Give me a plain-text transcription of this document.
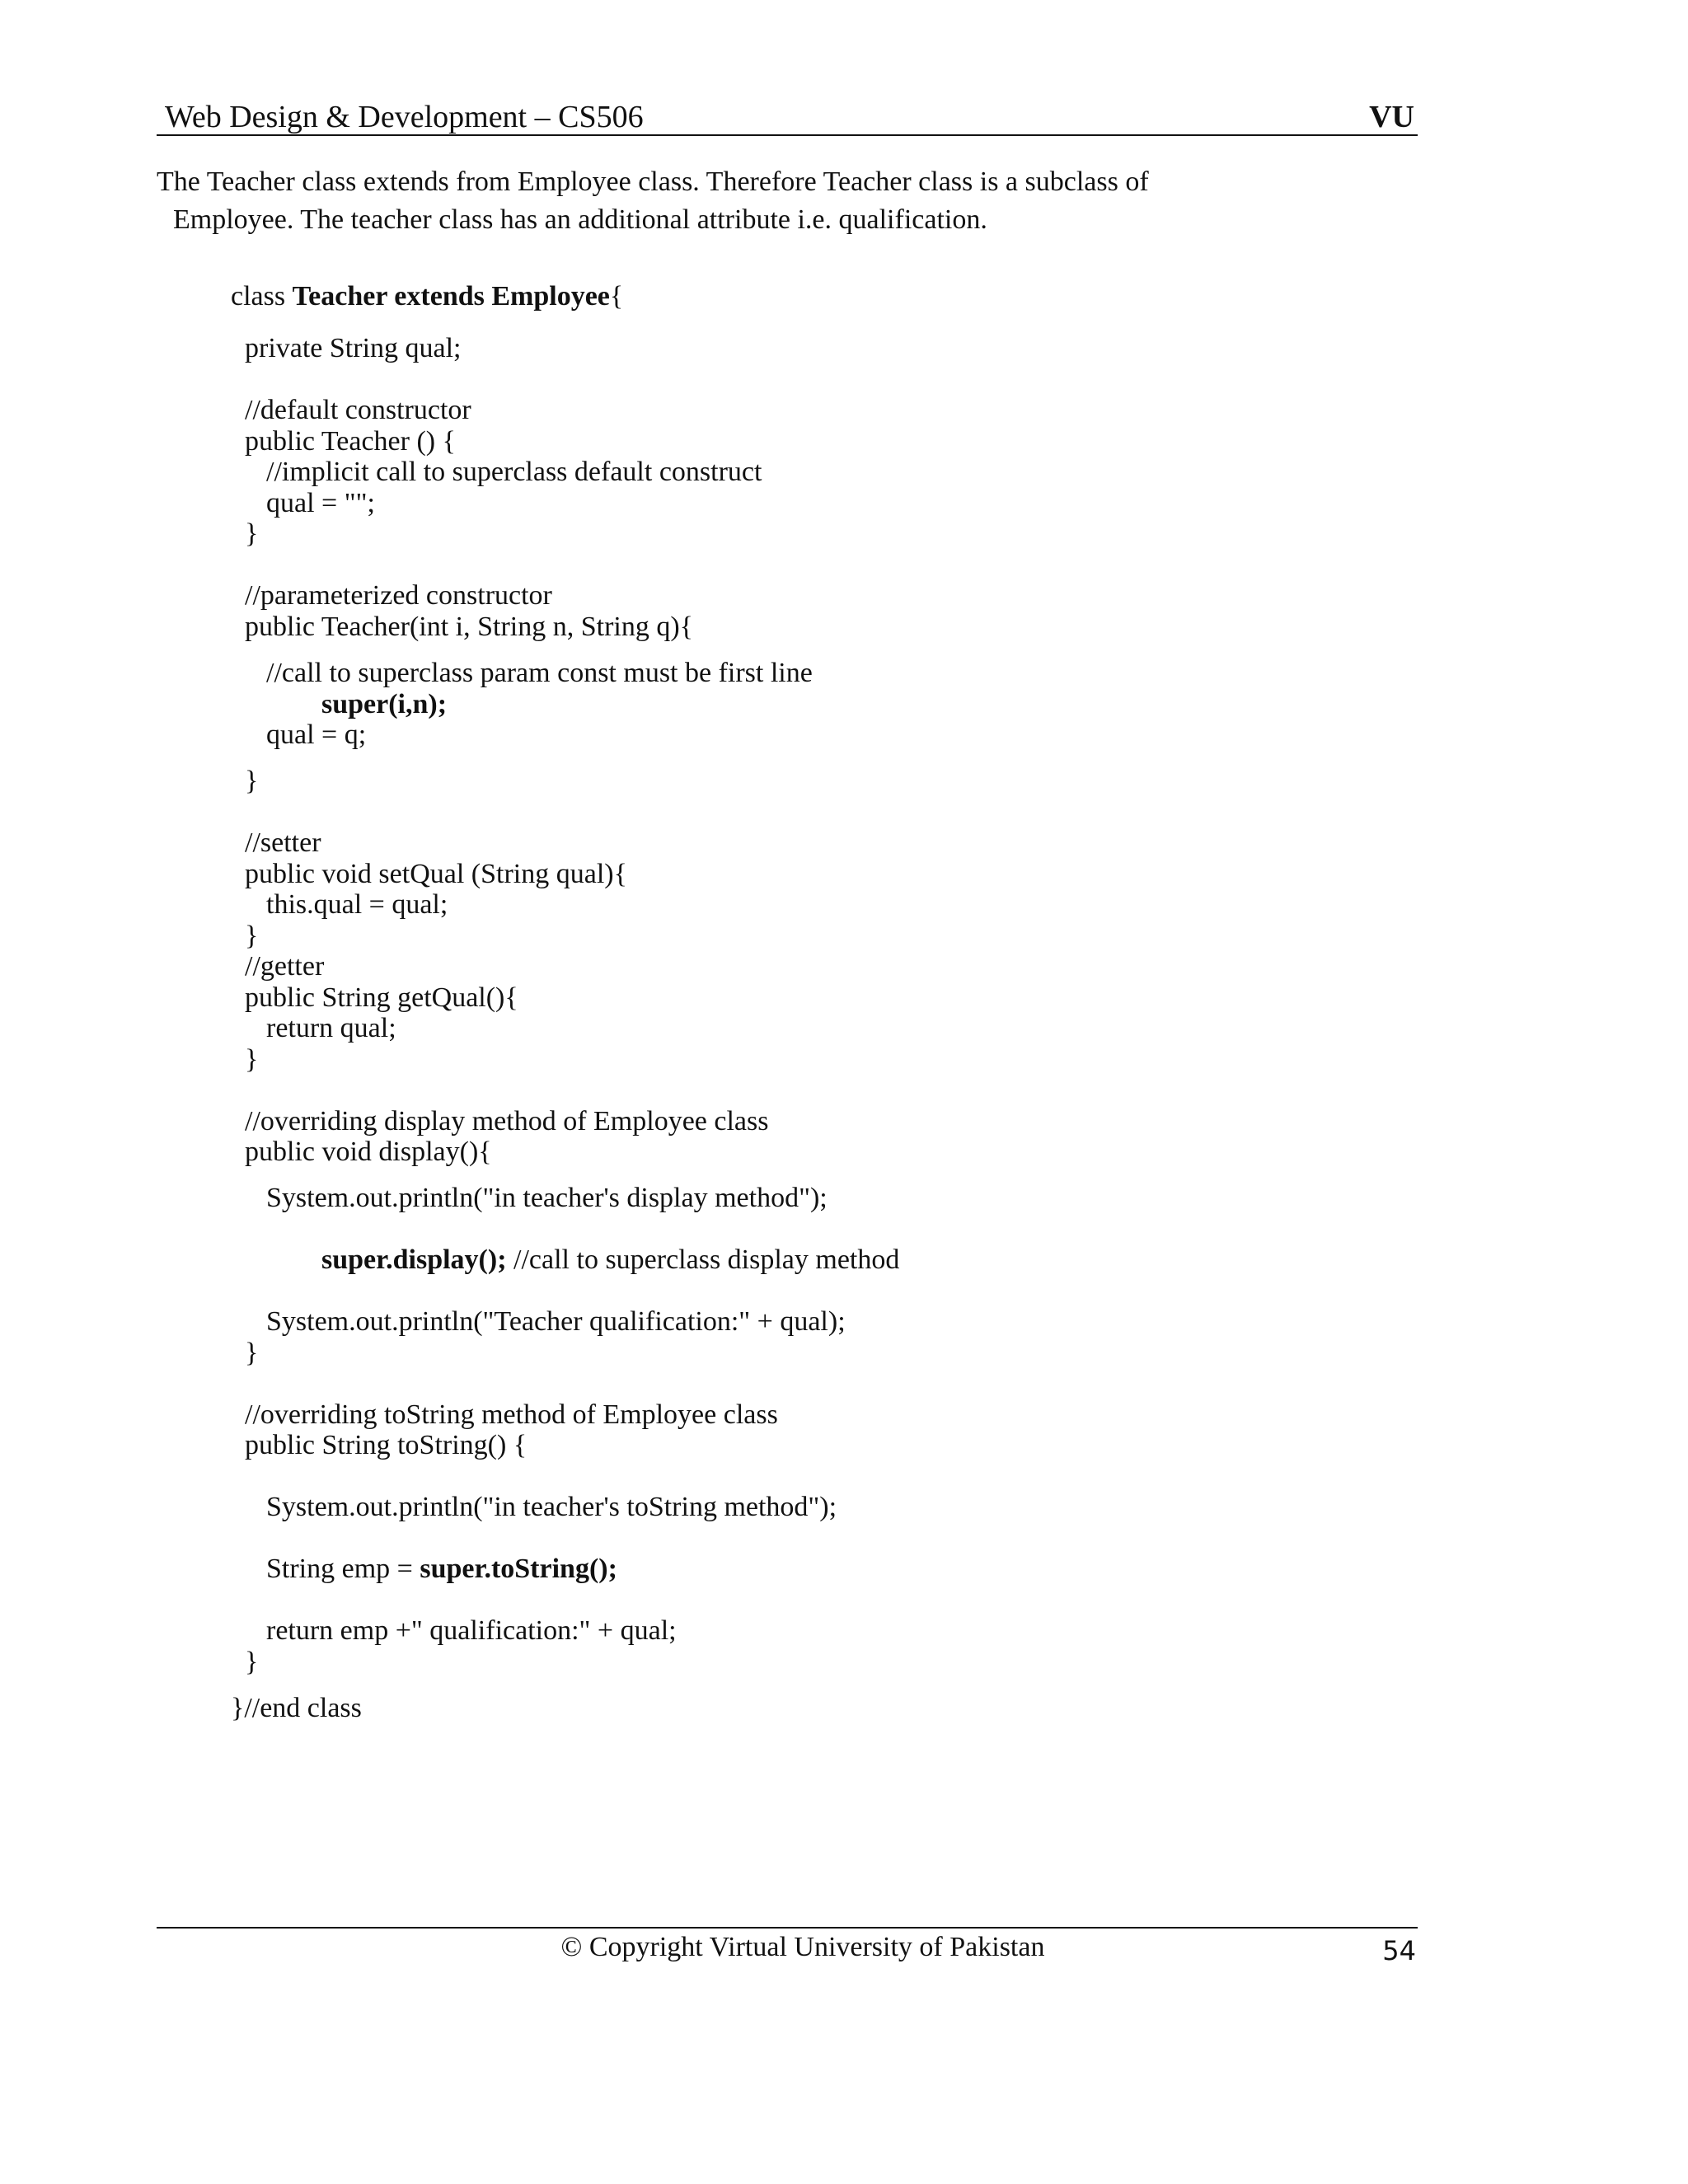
Web Design & Development – CS506	VU
The Teacher class extends from Employee class. Therefore Teacher class is a subclass of
Employee. The teacher class has an additional attribute i.e. qualification.
class Teacher extends Employee{
private String qual;
//default constructor
public Teacher () {
//implicit call to superclass default construct
qual = "";
}
//parameterized constructor
public Teacher(int i, String n, String q){
//call to superclass param const must be first line
super(i,n);
qual = q;
}
//setter
public void setQual (String qual){
this.qual = qual;
}
//getter
public String getQual(){
return qual;
}
//overriding display method of Employee class
public void display(){
System.out.println("in teacher's display method");
super.display(); //call to superclass display method
System.out.println("Teacher qualification:" + qual);
}
//overriding toString method of Employee class
public String toString() {
System.out.println("in teacher's toString method");
String emp = super.toString();
return emp +" qualification:" + qual;
}
}//end class
© Copyright Virtual University of Pakistan	54
